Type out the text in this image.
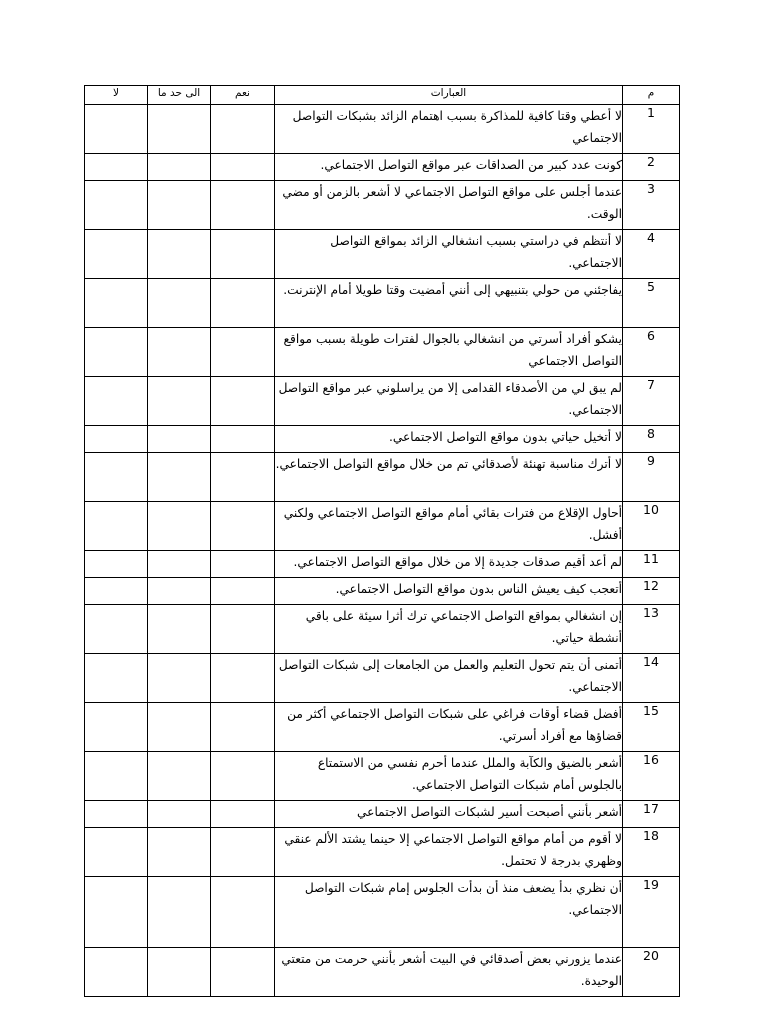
لا	الى حد ما	نعم	العبارات	م
			لا أعطي وقتا كافية للمذاكرة بسبب اهتمام الزائد بشبكات التواصل الاجتماعي	1
			كونت عدد كبير من الصداقات عبر مواقع التواصل الاجتماعي.	2
			عندما أجلس على مواقع التواصل الاجتماعي لا أشعر بالزمن أو مضي الوقت.	3
			لا أنتظم في دراستي بسبب انشغالي الزائد بمواقع التواصل الاجتماعي.	4
			يفاجئني من حولي بتنبيهي إلى أنني أمضيت وقتا طويلا أمام الإنترنت.	5
			يشكو أفراد أسرتي من انشغالي بالجوال لفترات طويلة بسبب مواقع التواصل الاجتماعي	6
			لم يبق لي من الأصدقاء القدامى إلا من يراسلوني عبر مواقع التواصل الاجتماعي.	7
			لا أتخيل حياتي بدون مواقع التواصل الاجتماعي.	8
			لا أترك مناسبة تهنئة لأصدقائي تم من خلال مواقع التواصل الاجتماعي.	9
			أحاول الإقلاع من فترات بقائي أمام مواقع التواصل الاجتماعي ولكني أفشل.	10
			لم أعد أقيم صدقات جديدة إلا من خلال مواقع التواصل الاجتماعي.	11
			أتعجب كيف يعيش الناس بدون مواقع التواصل الاجتماعي.	12
			إن انشغالي بمواقع التواصل الاجتماعي ترك أثرا سيئة على باقي أنشطة حياتي.	13
			أتمنى أن يتم تحول التعليم والعمل من الجامعات إلى شبكات التواصل الاجتماعي.	14
			أفضل قضاء أوقات فراغي على شبكات التواصل الاجتماعي أكثر من قضاؤها مع أفراد أسرتي.	15
			أشعر بالضيق والكآبة والملل عندما أحرم نفسي من الاستمتاع بالجلوس أمام شبكات التواصل الاجتماعي.	16
			أشعر بأنني أصبحت أسير لشبكات التواصل الاجتماعي	17
			لا أقوم من أمام مواقع التواصل الاجتماعي إلا حينما يشتد الألم عنقي وظهري بدرجة لا تحتمل.	18
			أن نظري بدأ يضعف منذ أن بدأت الجلوس إمام شبكات التواصل الاجتماعي.	19
			عندما يزورني بعض أصدقائي في البيت أشعر بأنني حرمت من متعتي الوحيدة.	20
